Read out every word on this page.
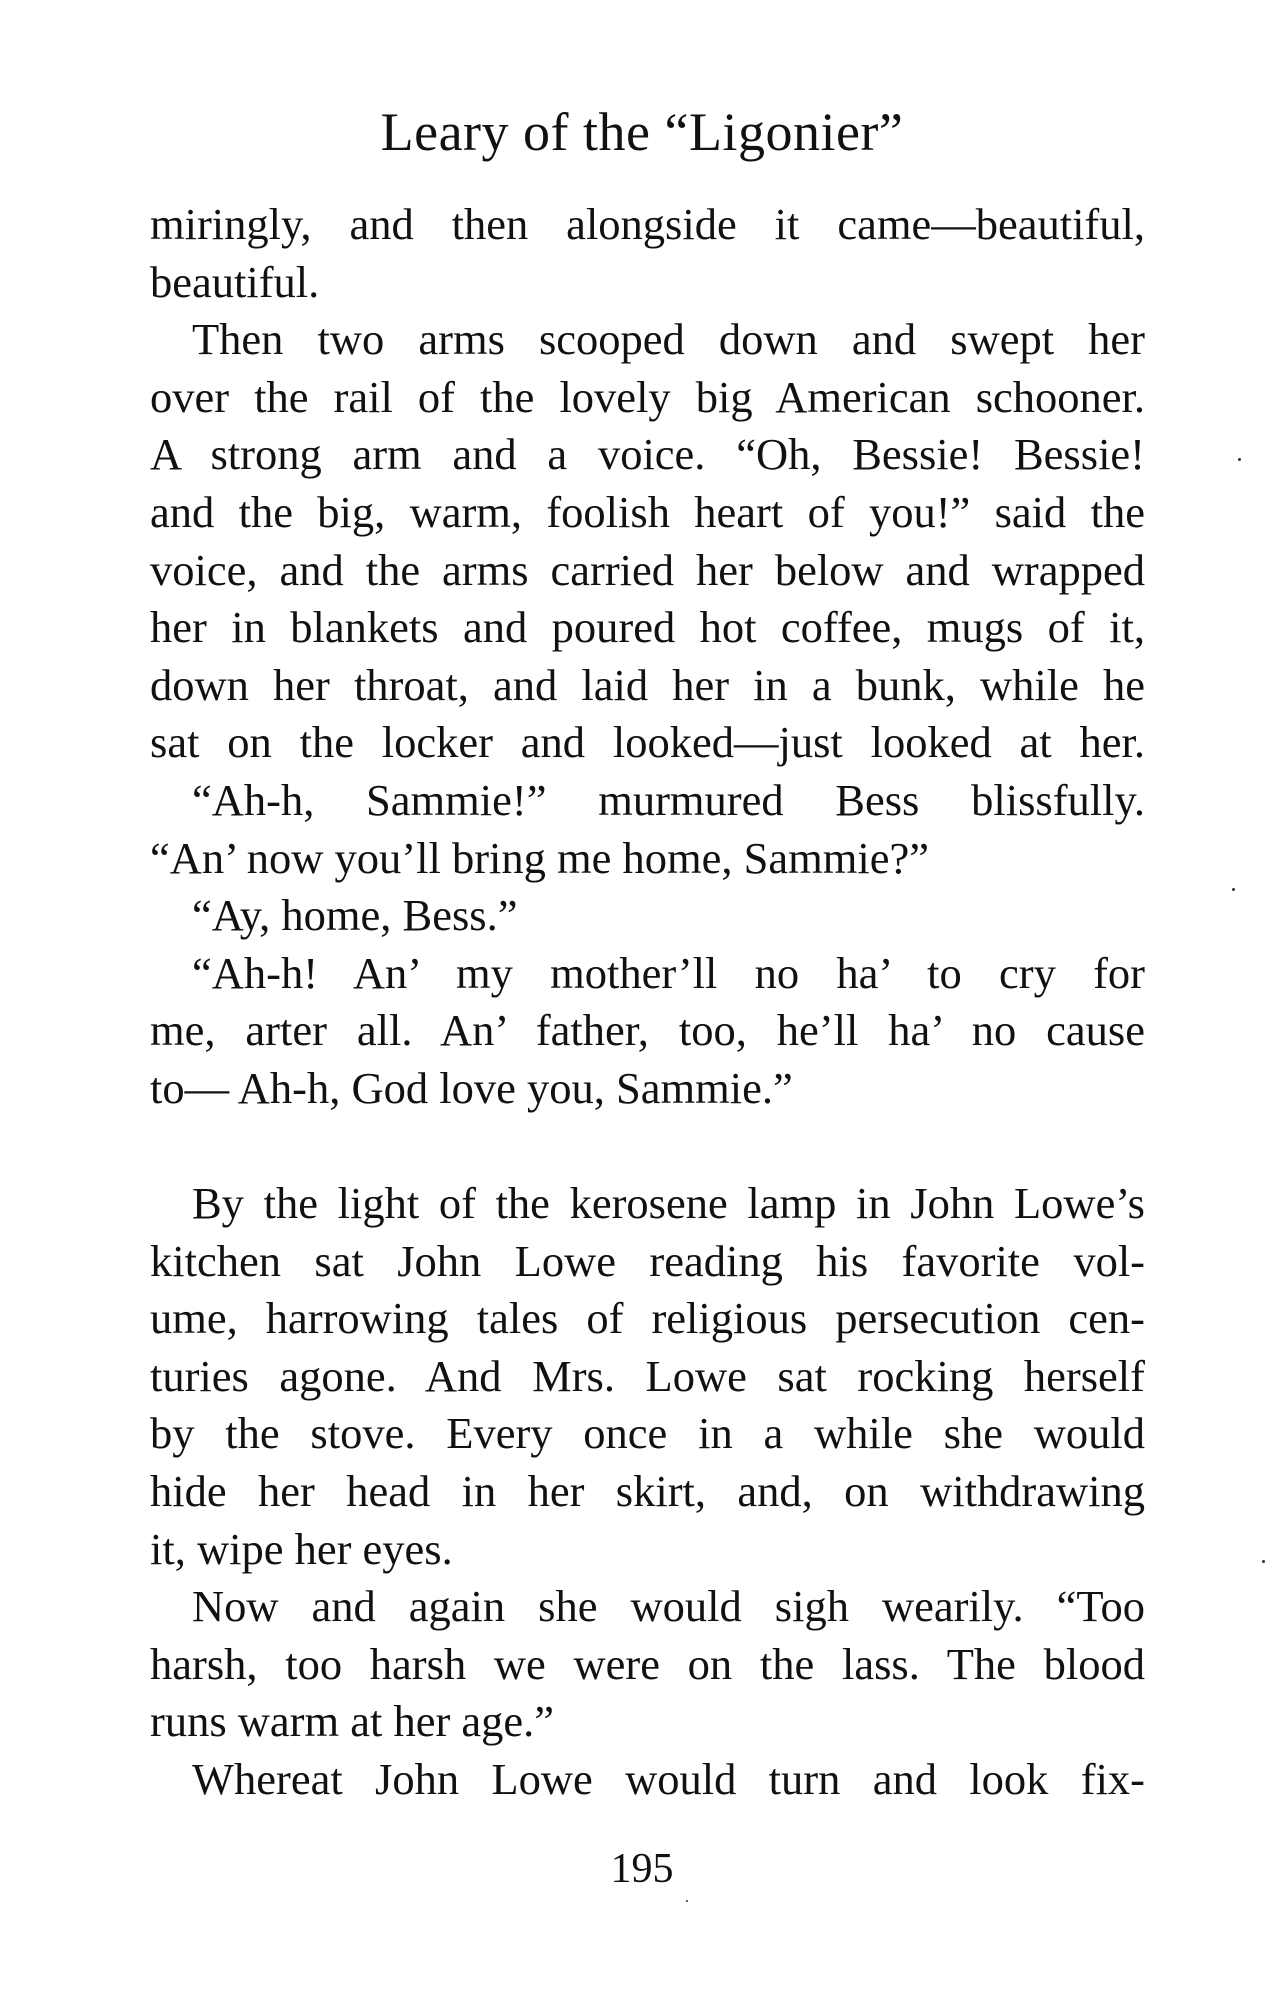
Leary of the “Ligonier”
miringly, and then alongside it came—beautiful,
beautiful.
Then two arms scooped down and swept her
over the rail of the lovely big American schooner.
A strong arm and a voice. “Oh, Bessie! Bessie!
and the big, warm, foolish heart of you!” said the
voice, and the arms carried her below and wrapped
her in blankets and poured hot coffee, mugs of it,
down her throat, and laid her in a bunk, while he
sat on the locker and looked—just looked at her.
“Ah-h, Sammie!” murmured Bess blissfully.
“An’ now you’ll bring me home, Sammie?”
“Ay, home, Bess.”
“Ah-h! An’ my mother’ll no ha’ to cry for
me, arter all. An’ father, too, he’ll ha’ no cause
to— Ah-h, God love you, Sammie.”
By the light of the kerosene lamp in John Lowe’s
kitchen sat John Lowe reading his favorite vol-
ume, harrowing tales of religious persecution cen-
turies agone. And Mrs. Lowe sat rocking herself
by the stove. Every once in a while she would
hide her head in her skirt, and, on withdrawing
it, wipe her eyes.
Now and again she would sigh wearily. “Too
harsh, too harsh we were on the lass. The blood
runs warm at her age.”
Whereat John Lowe would turn and look fix-
195
